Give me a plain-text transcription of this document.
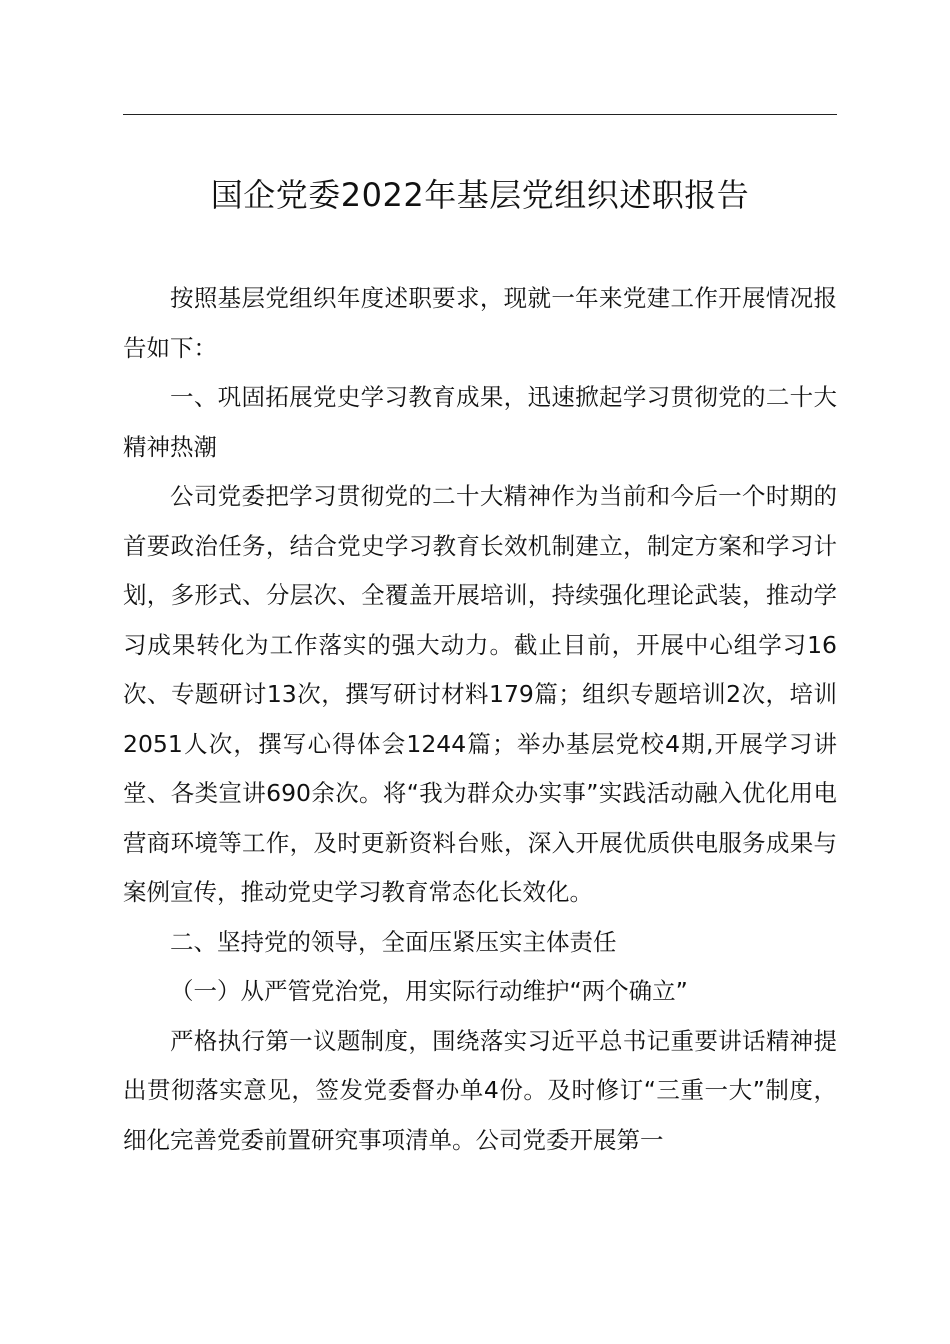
国企党委2022年基层党组织述职报告

按照基层党组织年度述职要求，现就一年来党建工作开展情况报告如下：

一、巩固拓展党史学习教育成果，迅速掀起学习贯彻党的二十大精神热潮

公司党委把学习贯彻党的二十大精神作为当前和今后一个时期的首要政治任务，结合党史学习教育长效机制建立，制定方案和学习计划，多形式、分层次、全覆盖开展培训，持续强化理论武装，推动学习成果转化为工作落实的强大动力。截止目前，开展中心组学习16次、专题研讨13次，撰写研讨材料179篇；组织专题培训2次，培训2051人次，撰写心得体会1244篇；举办基层党校4期,开展学习讲堂、各类宣讲690余次。将“我为群众办实事”实践活动融入优化用电营商环境等工作，及时更新资料台账，深入开展优质供电服务成果与案例宣传，推动党史学习教育常态化长效化。

二、坚持党的领导，全面压紧压实主体责任

（一）从严管党治党，用实际行动维护“两个确立”

严格执行第一议题制度，围绕落实习近平总书记重要讲话精神提出贯彻落实意见，签发党委督办单4份。及时修订“三重一大”制度，细化完善党委前置研究事项清单。公司党委开展第一
